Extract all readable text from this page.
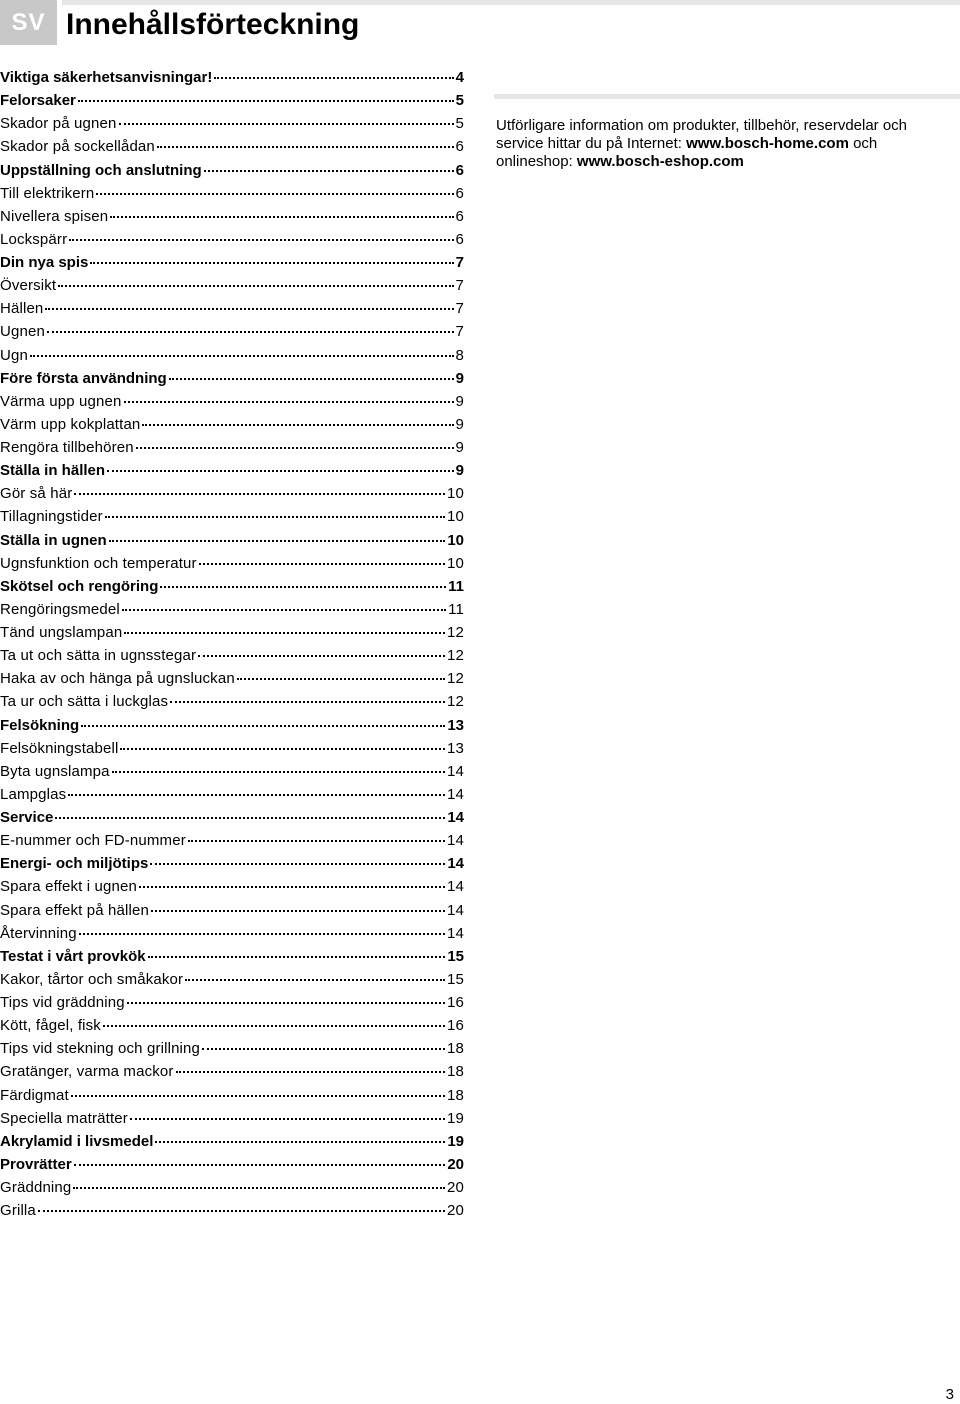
SV Innehållsförteckning
Viktiga säkerhetsanvisningar!	4
Felorsaker	5
Skador på ugnen	5
Skador på sockellådan	6
Uppställning och anslutning	6
Till elektrikern	6
Nivellera spisen	6
Lockspärr	6
Din nya spis	7
Översikt	7
Hällen	7
Ugnen	7
Ugn	8
Före första användning	9
Värma upp ugnen	9
Värm upp kokplattan	9
Rengöra tillbehören	9
Ställa in hällen	9
Gör så här	10
Tillagningstider	10
Ställa in ugnen	10
Ugnsfunktion och temperatur	10
Skötsel och rengöring	11
Rengöringsmedel	11
Tänd ungslampan	12
Ta ut och sätta in ugnsstegar	12
Haka av och hänga på ugnsluckan	12
Ta ur och sätta i luckglas	12
Felsökning	13
Felsökningstabell	13
Byta ugnslampa	14
Lampglas	14
Service	14
E-nummer och FD-nummer	14
Energi- och miljötips	14
Spara effekt i ugnen	14
Spara effekt på hällen	14
Återvinning	14
Testat i vårt provkök	15
Kakor, tårtor och småkakor	15
Tips vid gräddning	16
Kött, fågel, fisk	16
Tips vid stekning och grillning	18
Gratänger, varma mackor	18
Färdigmat	18
Speciella maträtter	19
Akrylamid i livsmedel	19
Provrätter	20
Gräddning	20
Grilla	20

Utförligare information om produkter, tillbehör, reservdelar och service hittar du på Internet: www.bosch-home.com och onlineshop: www.bosch-eshop.com

3
